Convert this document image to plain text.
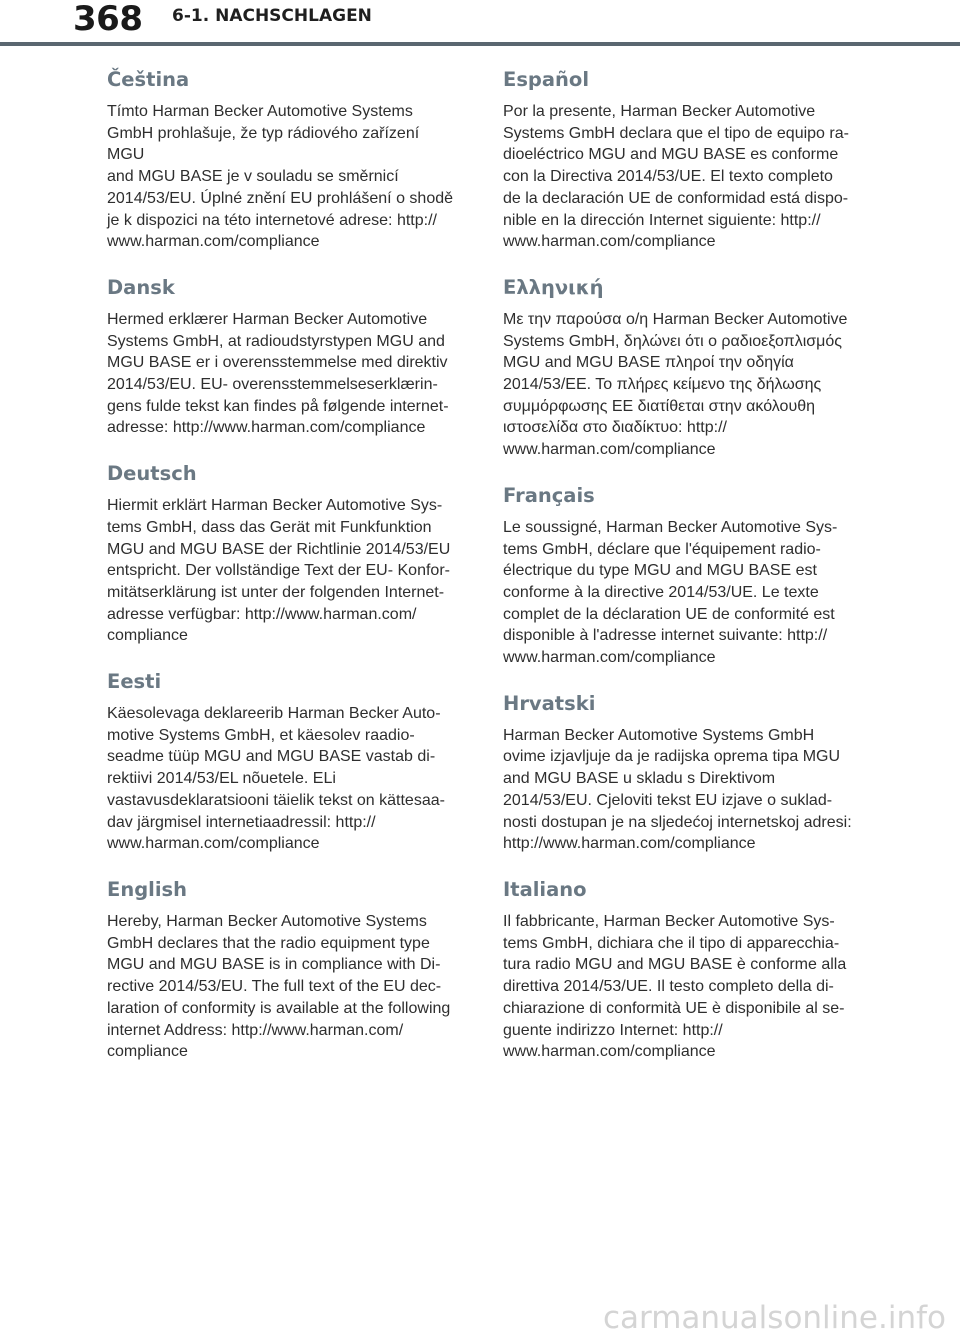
368 6-1. NACHSCHLAGEN
Čeština

Tímto Harman Becker Automotive Systems
GmbH prohlašuje, že typ rádiového zařízení MGU
and MGU BASE je v souladu se směrnicí
2014/53/EU. Úplné znění EU prohlášení o shodě
je k dispozici na této internetové adrese: http://
www.harman.com/compliance

Dansk

Hermed erklærer Harman Becker Automotive
Systems GmbH, at radioudstyrstypen MGU and
MGU BASE er i overensstemmelse med direktiv
2014/53/EU. EU- overensstemmelseserklærin-
gens fulde tekst kan findes på følgende internet-
adresse: http://www.harman.com/compliance

Deutsch

Hiermit erklärt Harman Becker Automotive Sys-
tems GmbH, dass das Gerät mit Funkfunktion
MGU and MGU BASE der Richtlinie 2014/53/EU
entspricht. Der vollständige Text der EU- Konfor-
mitätserklärung ist unter der folgenden Internet-
adresse verfügbar: http://www.harman.com/
compliance

Eesti

Käesolevaga deklareerib Harman Becker Auto-
motive Systems GmbH, et käesolev raadio-
seadme tüüp MGU and MGU BASE vastab di-
rektiivi 2014/53/EL nõuetele. ELi
vastavusdeklaratsiooni täielik tekst on kättesaa-
dav järgmisel internetiaadressil: http://
www.harman.com/compliance

English

Hereby, Harman Becker Automotive Systems
GmbH declares that the radio equipment type
MGU and MGU BASE is in compliance with Di-
rective 2014/53/EU. The full text of the EU dec-
laration of conformity is available at the following
internet Address: http://www.harman.com/
compliance

Español

Por la presente, Harman Becker Automotive
Systems GmbH declara que el tipo de equipo ra-
dioeléctrico MGU and MGU BASE es conforme
con la Directiva 2014/53/UE. El texto completo
de la declaración UE de conformidad está dispo-
nible en la dirección Internet siguiente: http://
www.harman.com/compliance

Ελληνική

Με την παρούσα ο/η Harman Becker Automotive
Systems GmbH, δηλώνει ότι ο ραδιοεξοπλισμός
MGU and MGU BASE πληροί την οδηγία
2014/53/ΕΕ. Το πλήρες κείμενο της δήλωσης
συμμόρφωσης ΕΕ διατίθεται στην ακόλουθη
ιστοσελίδα στο διαδίκτυο: http://
www.harman.com/compliance

Français

Le soussigné, Harman Becker Automotive Sys-
tems GmbH, déclare que l'équipement radio-
électrique du type MGU and MGU BASE est
conforme à la directive 2014/53/UE. Le texte
complet de la déclaration UE de conformité est
disponible à l'adresse internet suivante: http://
www.harman.com/compliance

Hrvatski

Harman Becker Automotive Systems GmbH
ovime izjavljuje da je radijska oprema tipa MGU
and MGU BASE u skladu s Direktivom
2014/53/EU. Cjeloviti tekst EU izjave o suklad-
nosti dostupan je na sljedećoj internetskoj adresi:
http://www.harman.com/compliance

Italiano

Il fabbricante, Harman Becker Automotive Sys-
tems GmbH, dichiara che il tipo di apparecchia-
tura radio MGU and MGU BASE è conforme alla
direttiva 2014/53/UE. Il testo completo della di-
chiarazione di conformità UE è disponibile al se-
guente indirizzo Internet: http://
www.harman.com/compliance

carmanualsonline.info
